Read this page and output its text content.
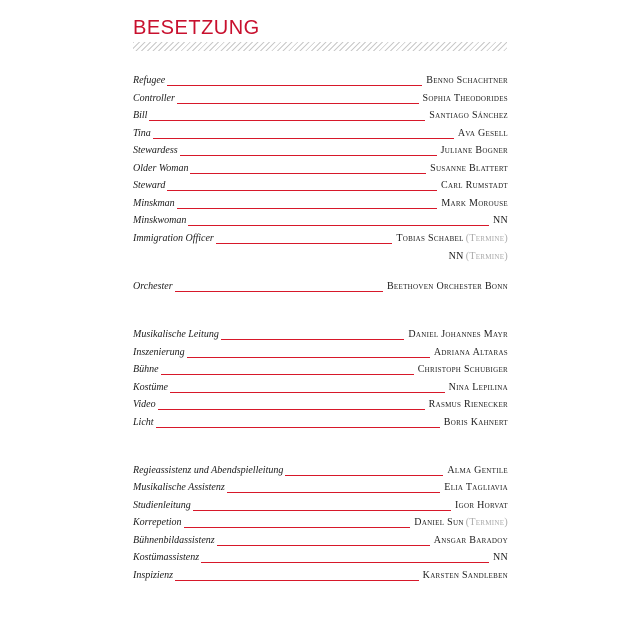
BESETZUNG
Refugee	Benno Schachtner
Controller	Sophia Theodorides
Bill	Santiago Sánchez
Tina	Ava Gesell
Stewardess	Juliane Bogner
Older Woman	Susanne Blattert
Steward	Carl Rumstadt
Minskman	Mark Morouse
Minskwoman	NN
Immigration Officer	Tobias Schabel (Termine)
NN (Termine)
Orchester	Beethoven Orchester Bonn
Musikalische Leitung	Daniel Johannes Mayr
Inszenierung	Adriana Altaras
Bühne	Christoph Schubiger
Kostüme	Nina Lepilina
Video	Rasmus Rienecker
Licht	Boris Kahnert
Regieassistenz und Abendspielleitung	Alma Gentile
Musikalische Assistenz	Elia Tagliavia
Studienleitung	Igor Horvat
Korrepetion	Daniel Sun (Termine)
Bühnenbildassistenz	Ansgar Baradoy
Kostümassistenz	NN
Inspizienz	Karsten Sandleben
